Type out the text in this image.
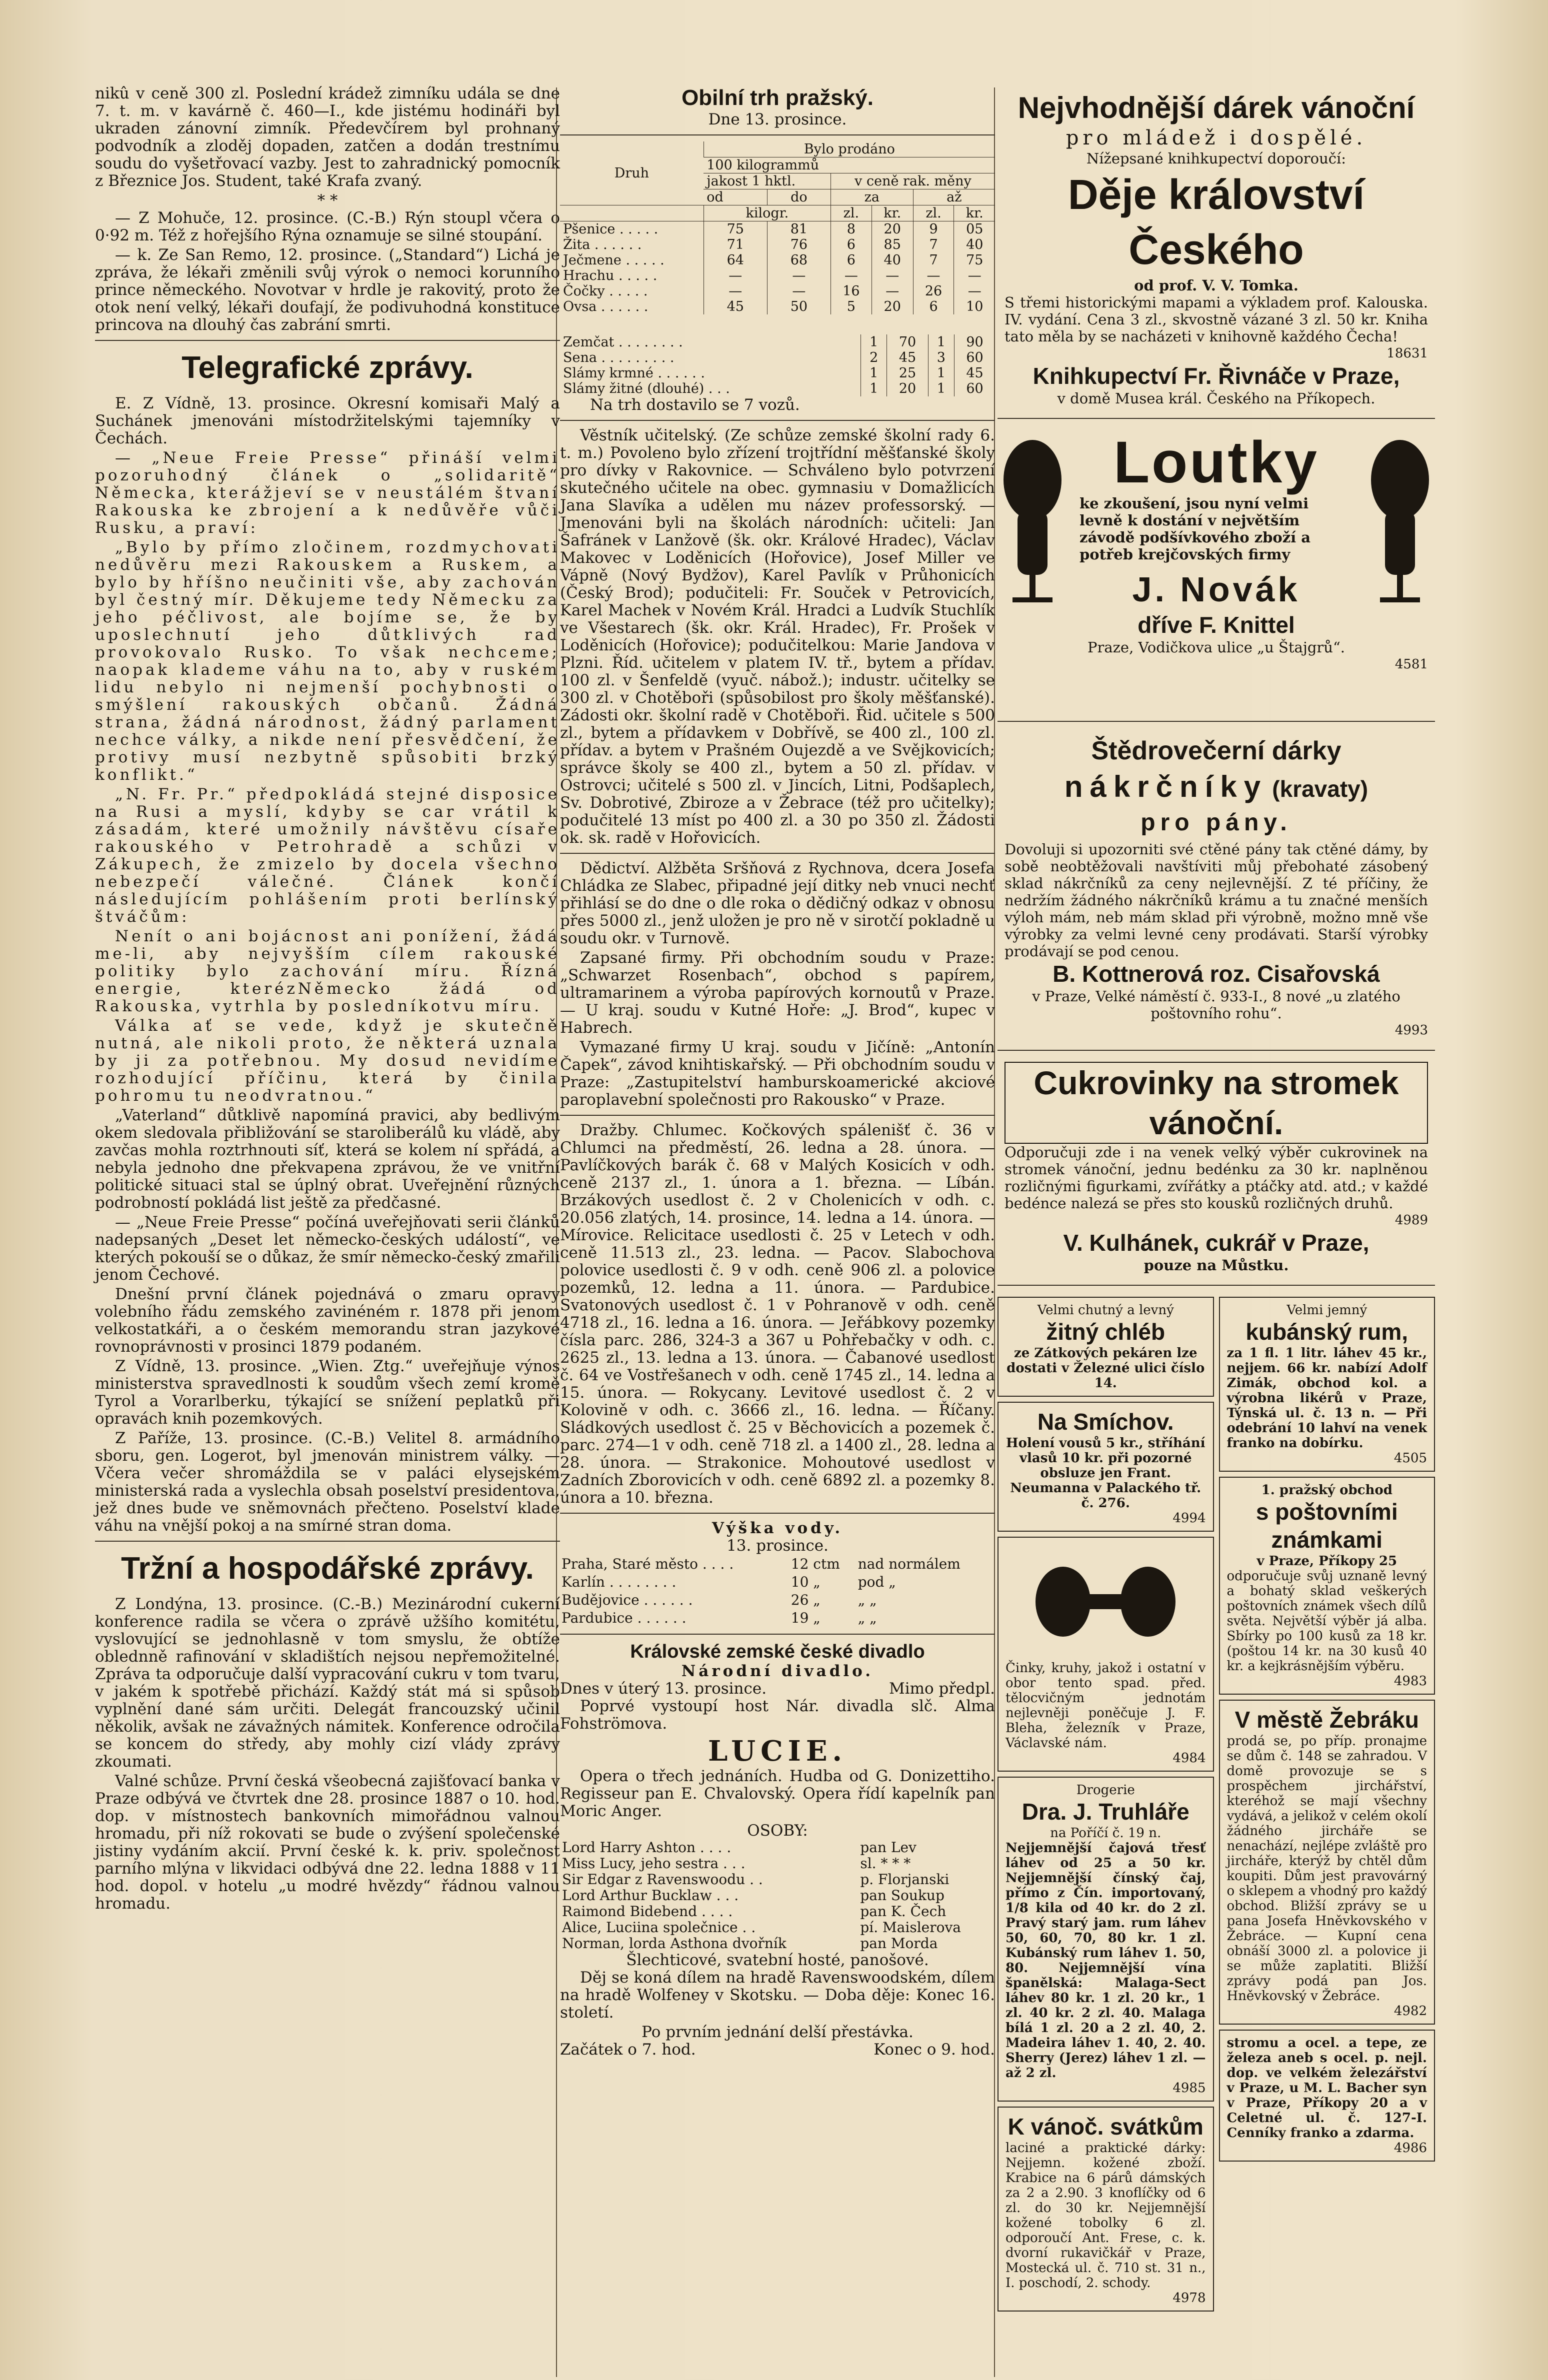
nikû v ceně 300 zl. Poslední krádež zimníku udála se dne 7. t. m. v kavárně č. 460—I., kde jistému hodináři byl ukraden zánovní zimník. Předevčírem byl prohnaný podvodník a zloděj dopaden, zatčen a dodán trestnímu soudu do vyšetřovací vazby. Jest to zahradnický pomocník z Březnice Jos. Student, také Krafa zvaný.

* *

— Z Mohuče, 12. prosince. (C.-B.) Rýn stoupl včera o 0·92 m. Též z hořejšího Rýna oznamuje se silné stoupání.

— k. Ze San Remo, 12. prosince. („Standard“) Lichá je zpráva, že lékaři změnili svůj výrok o nemoci korunního prince německého. Novotvar v hrdle je rakovitý, proto že otok není velký, lékaři doufají, že podivuhodná konstituce princova na dlouhý čas zabrání smrti.

Telegrafické zprávy.

E. Z Vídně, 13. prosince. Okresní komisaři Malý a Suchánek jmenováni místodržitelskými tajemníky v Čechách.

— „Neue Freie Presse“ přináší velmi pozoruhodný článek o „solidaritě“ Německa, kterážjeví se v neustálém štvaní Rakouska ke zbrojení a k nedůvěře vůči Rusku, a praví:

„Bylo by přímo zločinem, rozdmychovati nedůvěru mezi Rakouskem a Ruskem, a bylo by hříšno neučiniti vše, aby zachován byl čestný mír. Děkujeme tedy Německu za jeho péčlivost, ale bojíme se, že by uposlechnutí jeho důtklivých rad provokovalo Rusko. To však nechceme; naopak klademe váhu na to, aby v ruském lidu nebylo ni nejmenší pochybnosti o smýšlení rakouských občanů. Žádná strana, žádná národnost, žádný parlament nechce války, a nikde není přesvědčení, že protivy musí nezbytně spůsobiti brzký konflikt.“

„N. Fr. Pr.“ předpokládá stejné disposice na Rusi a myslí, kdyby se car vrátil k zásadám, které umožnily návštěvu císaře rakouského v Petrohradě a schůzi v Zákupech, že zmizelo by docela všechno nebezpečí válečné. Článek končí následujícím pohlášením proti berlínský štváčům:

Nenít o ani bojácnost ani ponížení, žádá me-li, aby nejvyšším cílem rakouské politiky bylo zachování míru. Řízná energie, kterézNěmecko žádá od Rakouska, vytrhla by posledníkotvu míru.

Válka ať se vede, když je skutečně nutná, ale nikoli proto, že některá uznala by ji za potřebnou. My dosud nevidíme rozhodující příčinu, která by činila pohromu tu neodvratnou.“

„Vaterland“ důtklivě napomíná pravici, aby bedlivým okem sledovala přibližování se staroliberálů ku vládě, aby zavčas mohla roztrhnouti síť, která se kolem ní spřádá, a nebyla jednoho dne překvapena zprávou, že ve vnitřní politické situaci stal se úplný obrat. Uveřejnění různých podrobností pokládá list ještě za předčasné.

— „Neue Freie Presse“ počíná uveřejňovati serii článků nadepsaných „Deset let německo-českých událostí“, ve kterých pokouší se o důkaz, že smír německo-český zmařili jenom Čechové.

Dnešní první článek pojednává o zmaru opravy volebního řádu zemského zavinéném r. 1878 při jenom velkostatkáři, a o českém memorandu stran jazykové rovnoprávnosti v prosinci 1879 podaném.

Z Vídně, 13. prosince. „Wien. Ztg.“ uveřejňuje výnos ministerstva spravedlnosti k soudům všech zemí kromě Tyrol a Vorarlberku, týkající se snížení peplatků při opravách knih pozemkových.

Z Paříže, 13. prosince. (C.-B.) Velitel 8. armádního sboru, gen. Logerot, byl jmenován ministrem války. — Včera večer shromáždila se v paláci elysejském ministerská rada a vyslechla obsah poselství presidentova, jež dnes bude ve sněmovnách přečteno. Poselství klade váhu na vnější pokoj a na smírné stran doma.

Tržní a hospodářské zprávy.

Z Londýna, 13. prosince. (C.-B.) Mezinárodní cukerní konference radila se včera o zprávě užšího komitétu, vyslovující se jednohlasně v tom smyslu, že obtíže oblednně rafinování v skladištích nejsou nepřemožitelné. Zpráva ta odporučuje další vypracování cukru v tom tvaru, v jakém k spotřebě přichází. Každý stát má si spůsob vyplnění dané sám určiti. Delegát francouzský učinil několik, avšak ne závažných námitek. Konference odročila se koncem do středy, aby mohly cizí vlády zprávy zkoumati.

Valné schůze. První česká všeobecná zajišťovací banka v Praze odbývá ve čtvrtek dne 28. prosince 1887 o 10. hod. dop. v místnostech bankovních mimořádnou valnou hromadu, při níž rokovati se bude o zvýšení společenské jistiny vydáním akcií. První české k. k. priv. společnost parního mlýna v likvidaci odbývá dne 22. ledna 1888 v 11 hod. dopol. v hotelu „u modré hvězdy“ řádnou valnou hromadu.

Obilní trh pražský.
Dne 13. prosince.
Druh	Bylo prodáno					
	100 kilogrammů					
	jakost 1 hktl.		v ceně rak. měny			
	od	do	za		až	
	kilogr.		zl.	kr.	zl.	kr.
Pšenice . . . . .	75	81	8	20	9	05
Žita . . . . . .	71	76	6	85	7	40
Ječmene . . . . .	64	68	6	40	7	75
Hrachu . . . . .	—	—	—	—	—	—
Čočky . . . . .	—	—	16	—	26	—
Ovsa . . . . . .	45	50	5	20	6	10
Zemčat . . . . . . . .	1	70	1	90
Sena . . . . . . . . .	2	45	3	60
Slámy krmné . . . . . .	1	25	1	45
Slámy žitné (dlouhé) . . .	1	20	1	60
Na trh dostavilo se 7 vozů.

Věstník učitelský. (Ze schůze zemské školní rady 6. t. m.) Povoleno bylo zřízení trojtřídní měšťanské školy pro dívky v Rakovnice. — Schváleno bylo potvrzení skutečného učitele na obec. gymnasiu v Domažlicích Jana Slavíka a udělen mu název professorský. — Jmenováni byli na školách národních: učiteli: Jan Šafránek v Lanžově (šk. okr. Králové Hradec), Václav Makovec v Loděnicích (Hořovice), Josef Miller ve Vápně (Nový Bydžov), Karel Pavlík v Průhonicích (Český Brod); podučiteli: Fr. Souček v Petrovicích, Karel Machek v Novém Král. Hradci a Ludvík Stuchlík ve Všestarech (šk. okr. Král. Hradec), Fr. Prošek v Loděnicích (Hořovice); podučitelkou: Marie Jandova v Plzni. Říd. učitelem v platem IV. tř., bytem a přídav. 100 zl. v Šenfeldě (vyuč. nábož.); industr. učitelky se 300 zl. v Chotěboři (spůsobilost pro školy měšťanské). Zádosti okr. školní radě v Chotěboři. Řid. učitele s 500 zl., bytem a přídavkem v Dobřívě, se 400 zl., 100 zl. přídav. a bytem v Prašném Oujezdě a ve Svějkovicích; správce školy se 400 zl., bytem a 50 zl. přídav. v Ostrovci; učitelé s 500 zl. v Jincích, Litni, Podšaplech, Sv. Dobrotivé, Zbiroze a v Žebrace (též pro učitelky); podučitelé 13 míst po 400 zl. a 30 po 350 zl. Žádosti ok. sk. radě v Hořovicích.

Dědictví. Alžběta Sršňová z Rychnova, dcera Josefa Chládka ze Slabec, připadné její ditky neb vnuci nechť přihlásí se do dne o dle roka o dědičný odkaz v obnosu přes 5000 zl., jenž uložen je pro ně v sirotčí pokladně u soudu okr. v Turnově.

Zapsané firmy. Při obchodním soudu v Praze: „Schwarzet Rosenbach“, obchod s papírem, ultramarinem a výroba papírových kornoutů v Praze. — U kraj. soudu v Kutné Hoře: „J. Brod“, kupec v Habrech.

Vymazané firmy U kraj. soudu v Jičíně: „Antonín Čapek“, závod knihtiskařský. — Při obchodním soudu v Praze: „Zastupitelství hamburskoamerické akciové paroplavební společnosti pro Rakousko“ v Praze.

Dražby. Chlumec. Kočkových spálenišť č. 36 v Chlumci na předměstí, 26. ledna a 28. února. — Pavlíčkových barák č. 68 v Malých Kosicích v odh. ceně 2137 zl., 1. února a 1. března. — Líbán. Brzákových usedlost č. 2 v Cholenicích v odh. c. 20.056 zlatých, 14. prosince, 14. ledna a 14. února. — Mírovice. Relicitace usedlosti č. 25 v Letech v odh. ceně 11.513 zl., 23. ledna. — Pacov. Slabochova polovice usedlosti č. 9 v odh. ceně 906 zl. a polovice pozemků, 12. ledna a 11. února. — Pardubice. Svatonových usedlost č. 1 v Pohranově v odh. ceně 4718 zl., 16. ledna a 16. února. — Jeřábkovy pozemky čísla parc. 286, 324-3 a 367 u Pohřebačky v odh. c. 2625 zl., 13. ledna a 13. února. — Čabanové usedlost č. 64 ve Vostřešanech v odh. ceně 1745 zl., 14. ledna a 15. února. — Rokycany. Levitové usedlost č. 2 v Kolovině v odh. c. 3666 zl., 16. ledna. — Říčany. Sládkových usedlost č. 25 v Běchovicích a pozemek č. parc. 274—1 v odh. ceně 718 zl. a 1400 zl., 28. ledna a 28. února. — Strakonice. Mohoutové usedlost v Zadních Zborovicích v odh. ceně 6892 zl. a pozemky 8. února a 10. března.

Výška vody.
13. prosince.
Praha, Staré město . . . .	12 ctm	nad normálem
Karlín . . . . . . . .	10 „	pod „
Budějovice . . . . . .	26 „	„ „
Pardubice . . . . . .	19 „	„ „
Královské zemské české divadlo
Národní divadlo.
Dnes v úterý 13. prosince.	Mimo předpl.

Poprvé vystoupí host Nár. divadla slč. Alma Fohströmova.

LUCIE.

Opera o třech jednáních. Hudba od G. Donizettiho. Regisseur pan E. Chvalovský. Opera řídí kapelník pan Moric Anger.

OSOBY:
Lord Harry Ashton . . . .	pan Lev
Miss Lucy, jeho sestra . . .	sl. * * *
Sir Edgar z Ravenswoodu . .	p. Florjanski
Lord Arthur Bucklaw . . .	pan Soukup
Raimond Bidebend . . . .	pan K. Čech
Alice, Luciina společnice . .	pí. Maislerova
Norman, lorda Asthona dvořník	pan Morda
Šlechticové, svatební hosté, panošové.

Děj se koná dílem na hradě Ravenswoodském, dílem na hradě Wolfeney v Skotsku. — Doba děje: Konec 16. století.

Po prvním jednání delší přestávka.
Začátek o 7. hod.	Konec o 9. hod.
Nejvhodnější dárek vánoční
pro mládež i dospělé.
Nížepsané knihkupectví doporoučí:
Děje království Českého
od prof. V. V. Tomka.
S třemi historickými mapami a výkladem prof. Kalouska. IV. vydání. Cena 3 zl., skvostně vázané 3 zl. 50 kr. Kniha tato měla by se nacházeti v knihovně každého Čecha!
18631
Knihkupectví Fr. Řivnáče v Praze,
v domě Musea král. Českého na Příkopech.
Loutky
ke zkoušení, jsou nyní velmi levně k dostání v největším závodě podšívkového zboží a potřeb krejčovských firmy
J. Novák
dříve F. Knittel
Praze, Vodičkova ulice „u Štajgrů“.
4581
Štědrovečerní dárky
nákrčníky (kravaty)
pro pány.
Dovoluji si upozorniti své ctěné pány tak ctěné dámy, by sobě neobtěžovali navštíviti můj přebohaté zásobený sklad nákrčníků za ceny nejlevnější. Z té příčiny, že nedržím žádného nákrčníků krámu a tu značné menších výloh mám, neb mám sklad při výrobně, možno mně vše výrobky za velmi levné ceny prodávati. Starší výrobky prodávají se pod cenou.
B. Kottnerová roz. Cisařovská
v Praze, Velké náměstí č. 933-I., 8 nové „u zlatého poštovního rohu“.
4993
Cukrovinky na stromek vánoční.
Odporučuji zde i na venek velký výběr cukrovinek na stromek vánoční, jednu bedénku za 30 kr. naplněnou rozličnými figurkami, zvířátky a ptáčky atd. atd.; v každé bedénce nalezá se přes sto kousků rozličných druhů.
4989
V. Kulhánek, cukrář v Praze,
pouze na Můstku.
Velmi chutný a levný
žitný chléb
ze Zátkových pekáren lze dostati v Železné ulici číslo 14.
Na Smíchov.
Holení vousů 5 kr., stříhání vlasů 10 kr. při pozorné obsluze jen Frant. Neumanna v Palackého tř. č. 276.
4994
Činky, kruhy, jakož i ostatní v obor tento spad. před. tělocvičným jednotám nejlevněji poněčuje J. F. Bleha, železník v Praze, Václavské nám.
4984
Drogerie
Dra. J. Truhláře
na Poříčí č. 19 n.
Nejjemnější čajová třesť láhev od 25 a 50 kr. Nejjemnější čínský čaj, přímo z Čín. importovaný, 1/8 kila od 40 kr. do 2 zl. Pravý starý jam. rum láhev 50, 60, 70, 80 kr. 1 zl. Kubánský rum láhev 1. 50, 80. Nejjemnější vína španělská: Malaga-Sect láhev 80 kr. 1 zl. 20 kr., 1 zl. 40 kr. 2 zl. 40. Malaga bílá 1 zl. 20 a 2 zl. 40, 2. Madeira láhev 1. 40, 2. 40. Sherry (Jerez) láhev 1 zl. — až 2 zl.
4985
K vánoč. svátkům
laciné a praktické dárky: Nejjemn. kožené zboží. Krabice na 6 párů dámských za 2 a 2.90. 3 knoflíčky od 6 zl. do 30 kr. Nejjemnější kožené tobolky 6 zl. odporoučí Ant. Frese, c. k. dvorní rukavičkář v Praze, Mostecká ul. č. 710 st. 31 n., I. poschodí, 2. schody.
4978
Velmi jemný
kubánský rum,
za 1 fl. 1 litr. láhev 45 kr., nejjem. 66 kr. nabízí Adolf Zimák, obchod kol. a výrobna likérů v Praze, Týnská ul. č. 13 n. — Při odebrání 10 lahví na venek franko na dobírku.
4505
1. pražský obchod
s poštovními známkami
v Praze, Příkopy 25
odporučuje svůj uznaně levný a bohatý sklad veškerých poštovních známek všech dílů světa. Největší výběr já alba. Sbírky po 100 kusů za 18 kr. (poštou 14 kr. na 30 kusů 40 kr. a kejkrásnějším výběru.
4983
V městě Žebráku
prodá se, po příp. pronajme se dům č. 148 se zahradou. V domě provozuje se s prospěchem jirchářství, kteréhož se mají všechny vydává, a jelikož v celém okolí žádného jircháře se nenachází, nejlépe zvláště pro jircháře, kterýž by chtěl dům koupiti. Dům jest pravovárný o sklepem a vhodný pro každý obchod. Bližší zprávy se u pana Josefa Hněvkovského v Žebráce. — Kupní cena obnáší 3000 zl. a polovice ji se může zaplatiti. Bližší zprávy podá pan Jos. Hněvkovský v Žebráce.
4982
stromu a ocel. a tepe, ze železa aneb s ocel. p. nejl. dop. ve velkém železářství v Praze, u M. L. Bacher syn v Praze, Příkopy 20 a v Celetné ul. č. 127-I. Cenníky franko a zdarma.
4986
